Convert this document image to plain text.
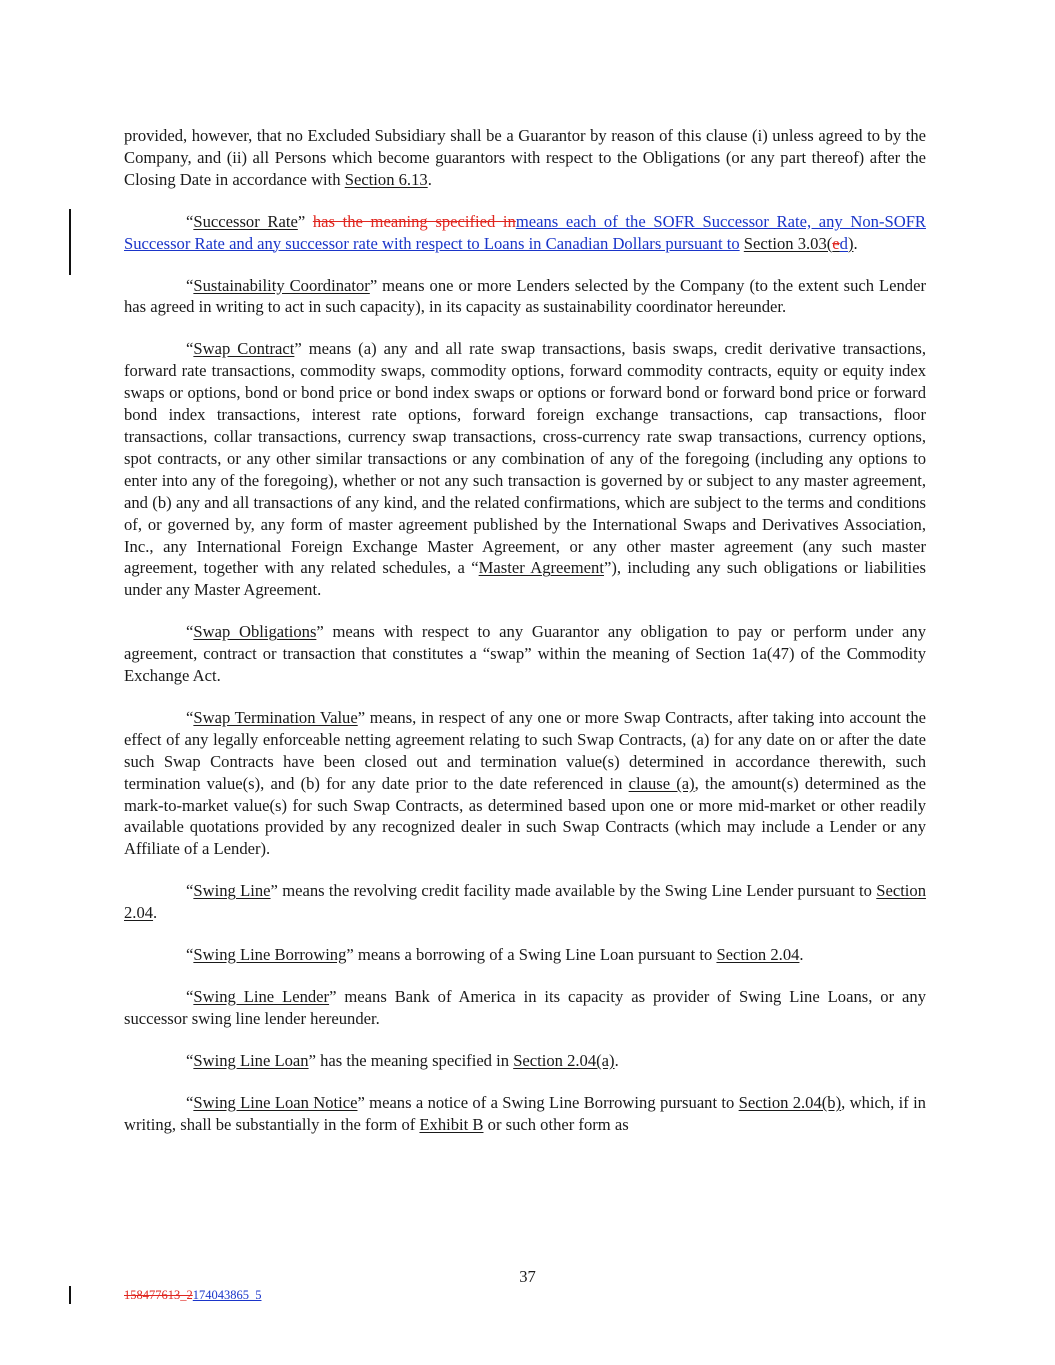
provided, however, that no Excluded Subsidiary shall be a Guarantor by reason of this clause (i) unless agreed to by the Company, and (ii) all Persons which become guarantors with respect to the Obligations (or any part thereof) after the Closing Date in accordance with Section 6.13.

“Successor Rate” has the meaning specified inmeans each of the SOFR Successor Rate, any Non-SOFR Successor Rate and any successor rate with respect to Loans in Canadian Dollars pursuant to Section 3.03(ed).

“Sustainability Coordinator” means one or more Lenders selected by the Company (to the extent such Lender has agreed in writing to act in such capacity), in its capacity as sustainability coordinator hereunder.

“Swap Contract” means (a) any and all rate swap transactions, basis swaps, credit derivative transactions, forward rate transactions, commodity swaps, commodity options, forward commodity contracts, equity or equity index swaps or options, bond or bond price or bond index swaps or options or forward bond or forward bond price or forward bond index transactions, interest rate options, forward foreign exchange transactions, cap transactions, floor transactions, collar transactions, currency swap transactions, cross-currency rate swap transactions, currency options, spot contracts, or any other similar transactions or any combination of any of the foregoing (including any options to enter into any of the foregoing), whether or not any such transaction is governed by or subject to any master agreement, and (b) any and all transactions of any kind, and the related confirmations, which are subject to the terms and conditions of, or governed by, any form of master agreement published by the International Swaps and Derivatives Association, Inc., any International Foreign Exchange Master Agreement, or any other master agreement (any such master agreement, together with any related schedules, a “Master Agreement”), including any such obligations or liabilities under any Master Agreement.

“Swap Obligations” means with respect to any Guarantor any obligation to pay or perform under any agreement, contract or transaction that constitutes a “swap” within the meaning of Section 1a(47) of the Commodity Exchange Act.

“Swap Termination Value” means, in respect of any one or more Swap Contracts, after taking into account the effect of any legally enforceable netting agreement relating to such Swap Contracts, (a) for any date on or after the date such Swap Contracts have been closed out and termination value(s) determined in accordance therewith, such termination value(s), and (b) for any date prior to the date referenced in clause (a), the amount(s) determined as the mark-to-market value(s) for such Swap Contracts, as determined based upon one or more mid-market or other readily available quotations provided by any recognized dealer in such Swap Contracts (which may include a Lender or any Affiliate of a Lender).

“Swing Line” means the revolving credit facility made available by the Swing Line Lender pursuant to Section 2.04.

“Swing Line Borrowing” means a borrowing of a Swing Line Loan pursuant to Section 2.04.

“Swing Line Lender” means Bank of America in its capacity as provider of Swing Line Loans, or any successor swing line lender hereunder.

“Swing Line Loan” has the meaning specified in Section 2.04(a).

“Swing Line Loan Notice” means a notice of a Swing Line Borrowing pursuant to Section 2.04(b), which, if in writing, shall be substantially in the form of Exhibit B or such other form as

37
158477613_2174043865_5
